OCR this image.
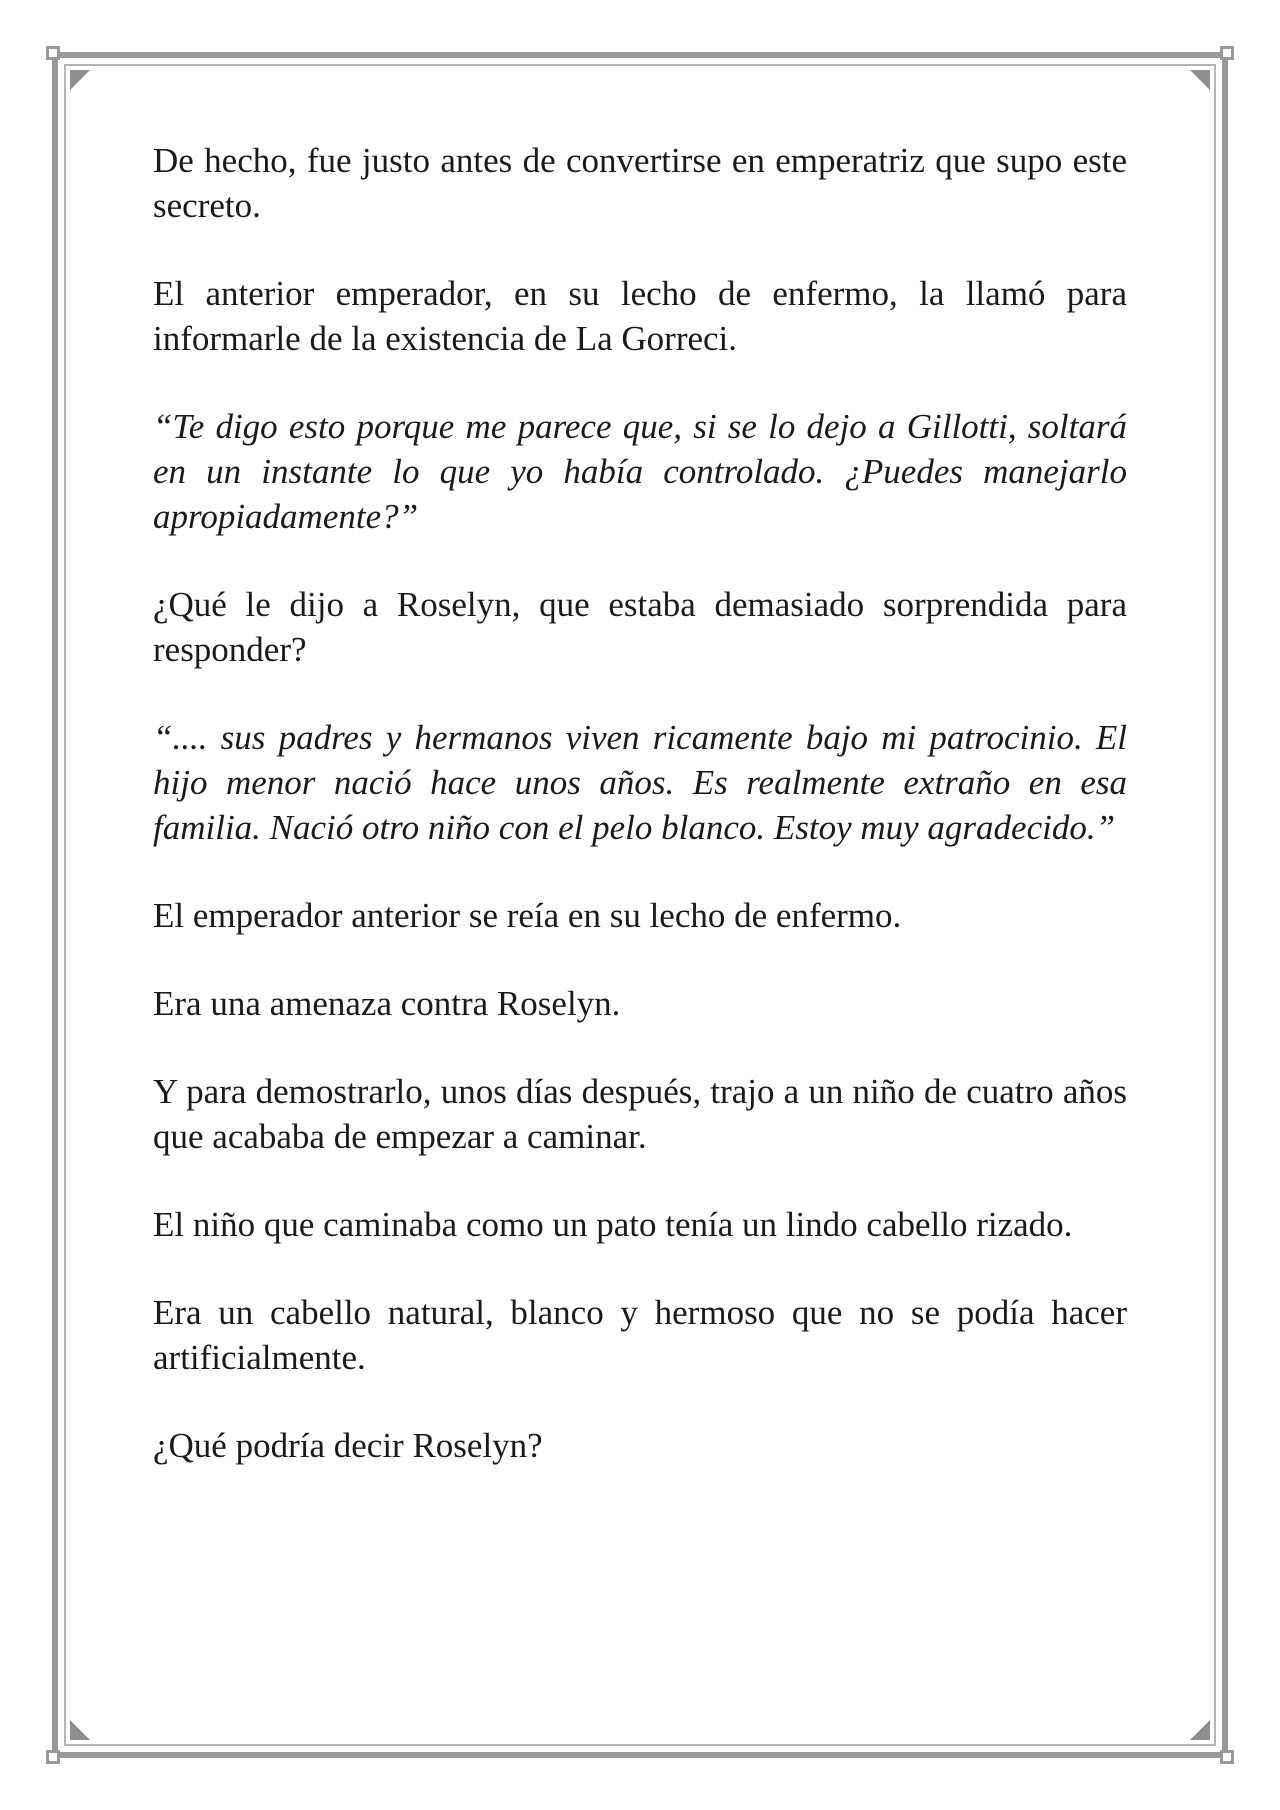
De hecho, fue justo antes de convertirse en emperatriz que supo este secreto.

El anterior emperador, en su lecho de enfermo, la llamó para informarle de la existencia de La Gorreci.

“Te digo esto porque me parece que, si se lo dejo a Gillotti, soltará en un instante lo que yo había controlado. ¿Puedes manejarlo apropiadamente?”

¿Qué le dijo a Roselyn, que estaba demasiado sorprendida para responder?

“.... sus padres y hermanos viven ricamente bajo mi patrocinio. El hijo menor nació hace unos años. Es realmente extraño en esa familia. Nació otro niño con el pelo blanco. Estoy muy agradecido.”

El emperador anterior se reía en su lecho de enfermo.

Era una amenaza contra Roselyn.

Y para demostrarlo, unos días después, trajo a un niño de cuatro años que acababa de empezar a caminar.

El niño que caminaba como un pato tenía un lindo cabello rizado.

Era un cabello natural, blanco y hermoso que no se podía hacer artificialmente.

¿Qué podría decir Roselyn?
